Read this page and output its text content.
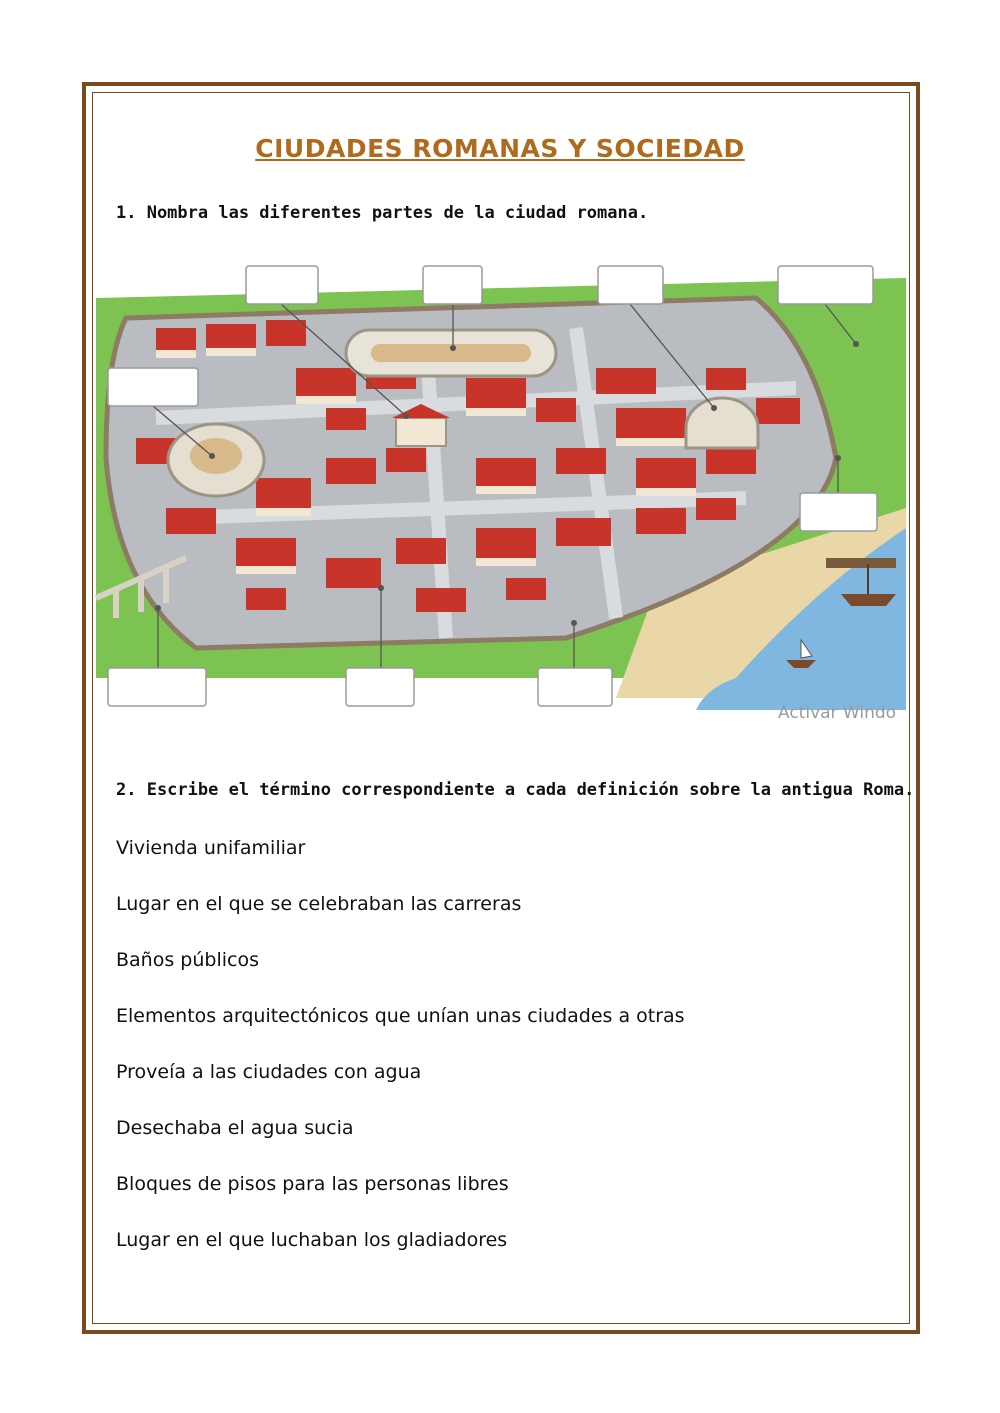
CIUDADES ROMANAS Y SOCIEDAD
1. Nombra las diferentes partes de la ciudad romana.
Activar Windo
2. Escribe el término correspondiente a cada definición sobre la antigua Roma.
Vivienda unifamiliar
Lugar en el que se celebraban las carreras
Baños públicos
Elementos arquitectónicos que unían unas ciudades a otras
Proveía a las ciudades con agua
Desechaba el agua sucia
Bloques de pisos para las personas libres
Lugar en el que luchaban los gladiadores
